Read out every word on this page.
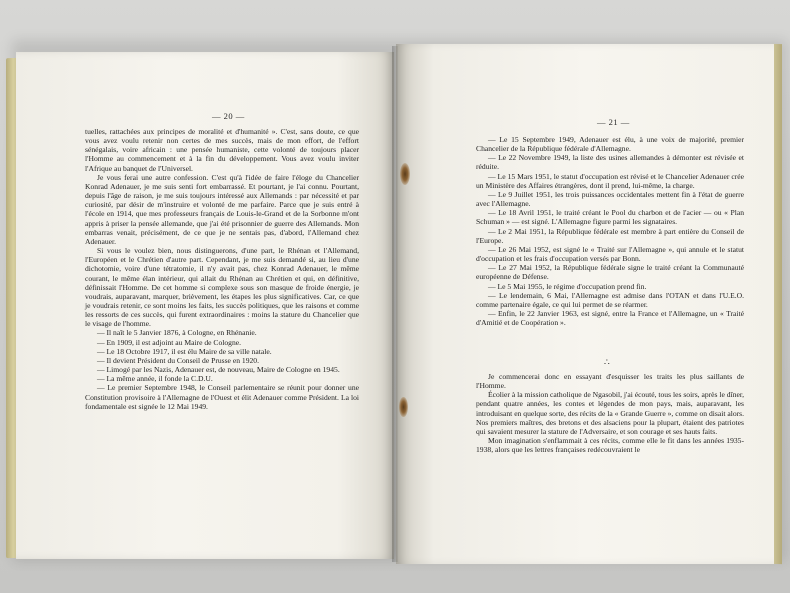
— 20 —
— 21 —

tuelles, rattachées aux principes de moralité et d'humanité ». C'est, sans doute, ce que vous avez voulu retenir non certes de mes succès, mais de mon effort, de l'effort sénégalais, voire africain : une pensée humaniste, cette volonté de toujours placer l'Homme au commencement et à la fin du développement. Vous avez voulu inviter l'Afrique au banquet de l'Universel.

Je vous ferai une autre confession. C'est qu'à l'idée de faire l'éloge du Chancelier Konrad Adenauer, je me suis senti fort embarrassé. Et pourtant, je l'ai connu. Pourtant, depuis l'âge de raison, je me suis toujours intéressé aux Allemands : par nécessité et par curiosité, par désir de m'instruire et volonté de me parfaire. Parce que je suis entré à l'école en 1914, que mes professeurs français de Louis-le-Grand et de la Sorbonne m'ont appris à priser la pensée allemande, que j'ai été prisonnier de guerre des Allemands. Mon embarras venait, précisément, de ce que je ne sentais pas, d'abord, l'Allemand chez Adenauer.

Si vous le voulez bien, nous distinguerons, d'une part, le Rhénan et l'Allemand, l'Européen et le Chrétien d'autre part. Cependant, je me suis demandé si, au lieu d'une dichotomie, voire d'une tétratomie, il n'y avait pas, chez Konrad Adenauer, le même courant, le même élan intérieur, qui allait du Rhénan au Chrétien et qui, en définitive, définissait l'Homme. De cet homme si complexe sous son masque de froide énergie, je voudrais, auparavant, marquer, brièvement, les étapes les plus significatives. Car, ce que je voudrais retenir, ce sont moins les faits, les succès politiques, que les raisons et comme les ressorts de ces succès, qui furent extraordinaires : moins la stature du Chancelier que le visage de l'homme.

— Il naît le 5 Janvier 1876, à Cologne, en Rhénanie.

— En 1909, il est adjoint au Maire de Cologne.

— Le 18 Octobre 1917, il est élu Maire de sa ville natale.

— Il devient Président du Conseil de Prusse en 1920.

— Limogé par les Nazis, Adenauer est, de nouveau, Maire de Cologne en 1945.

— La même année, il fonde la C.D.U.

— Le premier Septembre 1948, le Conseil parlementaire se réunit pour donner une Constitution provisoire à l'Allemagne de l'Ouest et élit Adenauer comme Président. La loi fondamentale est signée le 12 Mai 1949.

— Le 15 Septembre 1949, Adenauer est élu, à une voix de majorité, premier Chancelier de la République fédérale d'Allemagne.

— Le 22 Novembre 1949, la liste des usines allemandes à démonter est révisée et réduite.

— Le 15 Mars 1951, le statut d'occupation est révisé et le Chancelier Adenauer crée un Ministère des Affaires étrangères, dont il prend, lui-même, la charge.

— Le 9 Juillet 1951, les trois puissances occidentales mettent fin à l'état de guerre avec l'Allemagne.

— Le 18 Avril 1951, le traité créant le Pool du charbon et de l'acier — ou « Plan Schuman » — est signé. L'Allemagne figure parmi les signataires.

— Le 2 Mai 1951, la République fédérale est membre à part entière du Conseil de l'Europe.

— Le 26 Mai 1952, est signé le « Traité sur l'Allemagne », qui annule et le statut d'occupation et les frais d'occupation versés par Bonn.

— Le 27 Mai 1952, la République fédérale signe le traité créant la Communauté européenne de Défense.

— Le 5 Mai 1955, le régime d'occupation prend fin.

— Le lendemain, 6 Mai, l'Allemagne est admise dans l'OTAN et dans l'U.E.O. comme partenaire égale, ce qui lui permet de se réarmer.

— Enfin, le 22 Janvier 1963, est signé, entre la France et l'Allemagne, un « Traité d'Amitié et de Coopération ».

∴

Je commencerai donc en essayant d'esquisser les traits les plus saillants de l'Homme.

Écolier à la mission catholique de Ngasobil, j'ai écouté, tous les soirs, après le dîner, pendant quatre années, les contes et légendes de mon pays, mais, auparavant, les introduisant en quelque sorte, des récits de la « Grande Guerre », comme on disait alors. Nos premiers maîtres, des bretons et des alsaciens pour la plupart, étaient des patriotes qui savaient mesurer la stature de l'Adversaire, et son courage et ses hauts faits.

Mon imagination s'enflammait à ces récits, comme elle le fit dans les années 1935-1938, alors que les lettres françaises redécouvraient le
